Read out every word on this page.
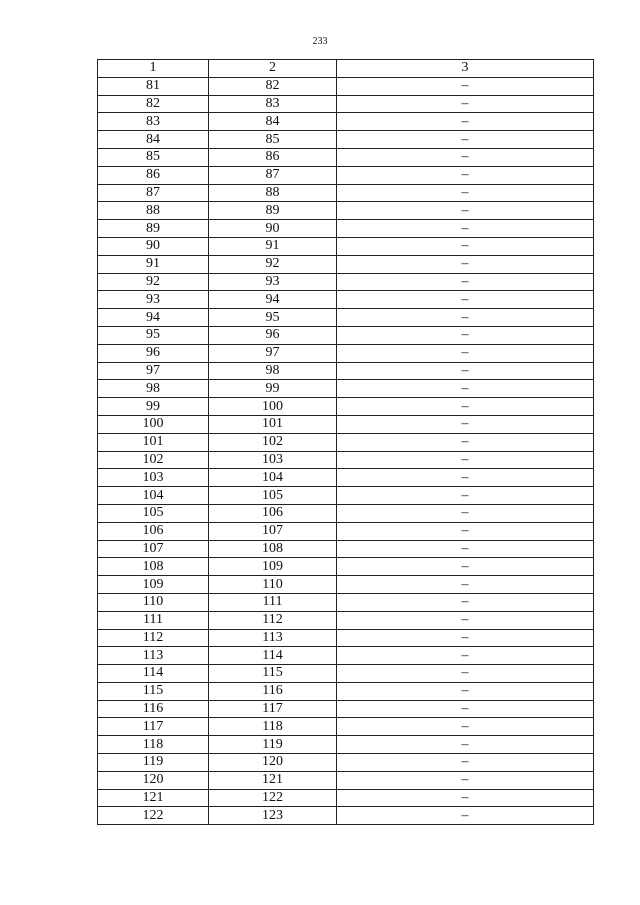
233
1	2	3
81	82	–
82	83	–
83	84	–
84	85	–
85	86	–
86	87	–
87	88	–
88	89	–
89	90	–
90	91	–
91	92	–
92	93	–
93	94	–
94	95	–
95	96	–
96	97	–
97	98	–
98	99	–
99	100	–
100	101	–
101	102	–
102	103	–
103	104	–
104	105	–
105	106	–
106	107	–
107	108	–
108	109	–
109	110	–
110	111	–
111	112	–
112	113	–
113	114	–
114	115	–
115	116	–
116	117	–
117	118	–
118	119	–
119	120	–
120	121	–
121	122	–
122	123	–
